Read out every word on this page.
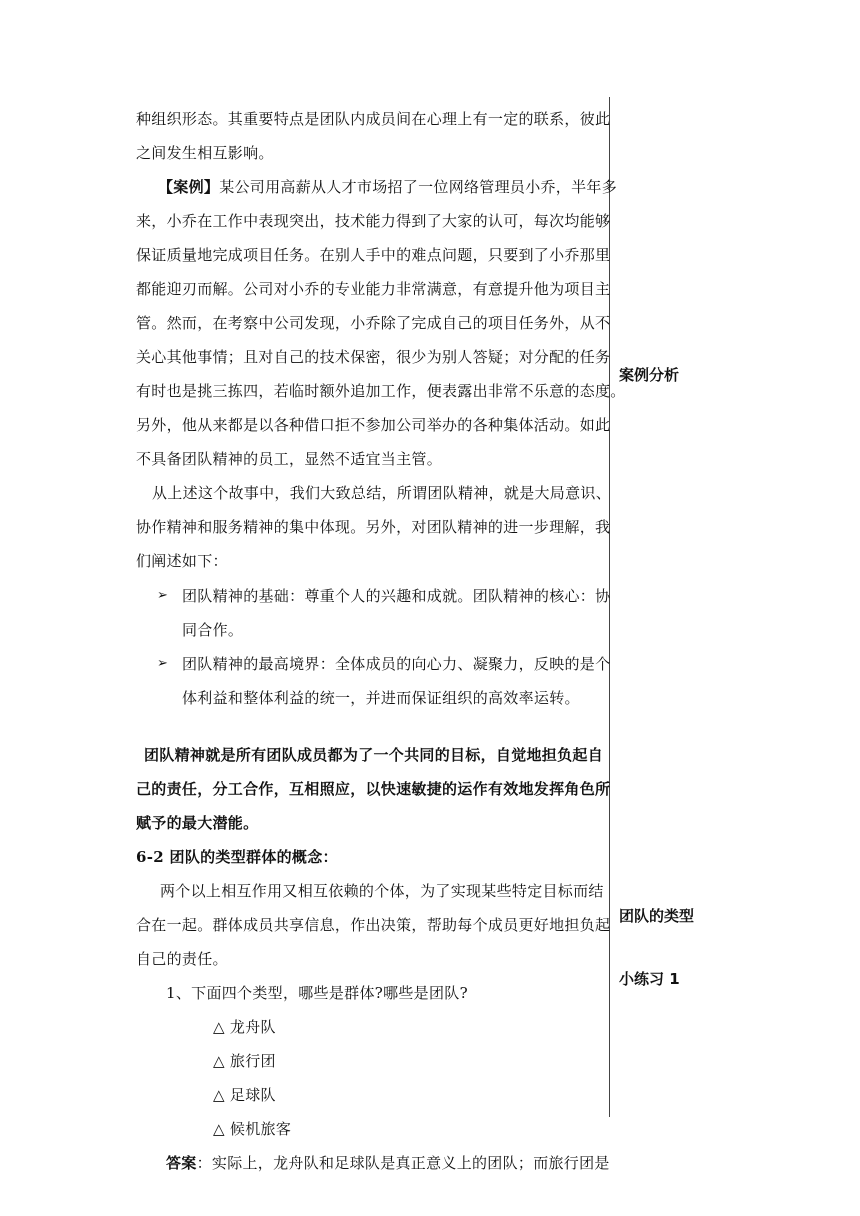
种组织形态。其重要特点是团队内成员间在心理上有一定的联系，彼此
之间发生相互影响。
【案例】某公司用高薪从人才市场招了一位网络管理员小乔，半年多
来，小乔在工作中表现突出，技术能力得到了大家的认可，每次均能够
保证质量地完成项目任务。在别人手中的难点问题，只要到了小乔那里
都能迎刃而解。公司对小乔的专业能力非常满意，有意提升他为项目主
管。然而，在考察中公司发现，小乔除了完成自己的项目任务外，从不
关心其他事情；且对自己的技术保密，很少为别人答疑；对分配的任务
有时也是挑三拣四，若临时额外追加工作，便表露出非常不乐意的态度。
另外，他从来都是以各种借口拒不参加公司举办的各种集体活动。如此
不具备团队精神的员工，显然不适宜当主管。
从上述这个故事中，我们大致总结，所谓团队精神，就是大局意识、
协作精神和服务精神的集中体现。另外，对团队精神的进一步理解，我
们阐述如下：
➢ 团队精神的基础：尊重个人的兴趣和成就。团队精神的核心：协
同合作。
➢ 团队精神的最高境界：全体成员的向心力、凝聚力，反映的是个
体利益和整体利益的统一，并进而保证组织的高效率运转。
团队精神就是所有团队成员都为了一个共同的目标，自觉地担负起自
己的责任，分工合作，互相照应，以快速敏捷的运作有效地发挥角色所
赋予的最大潜能。
6-2 团队的类型群体的概念：
两个以上相互作用又相互依赖的个体，为了实现某些特定目标而结
合在一起。群体成员共享信息，作出决策，帮助每个成员更好地担负起
自己的责任。
1、下面四个类型，哪些是群体?哪些是团队?
△ 龙舟队
△ 旅行团
△ 足球队
△ 候机旅客
答案：实际上，龙舟队和足球队是真正意义上的团队；而旅行团是
案例分析
团队的类型
小练习 1
